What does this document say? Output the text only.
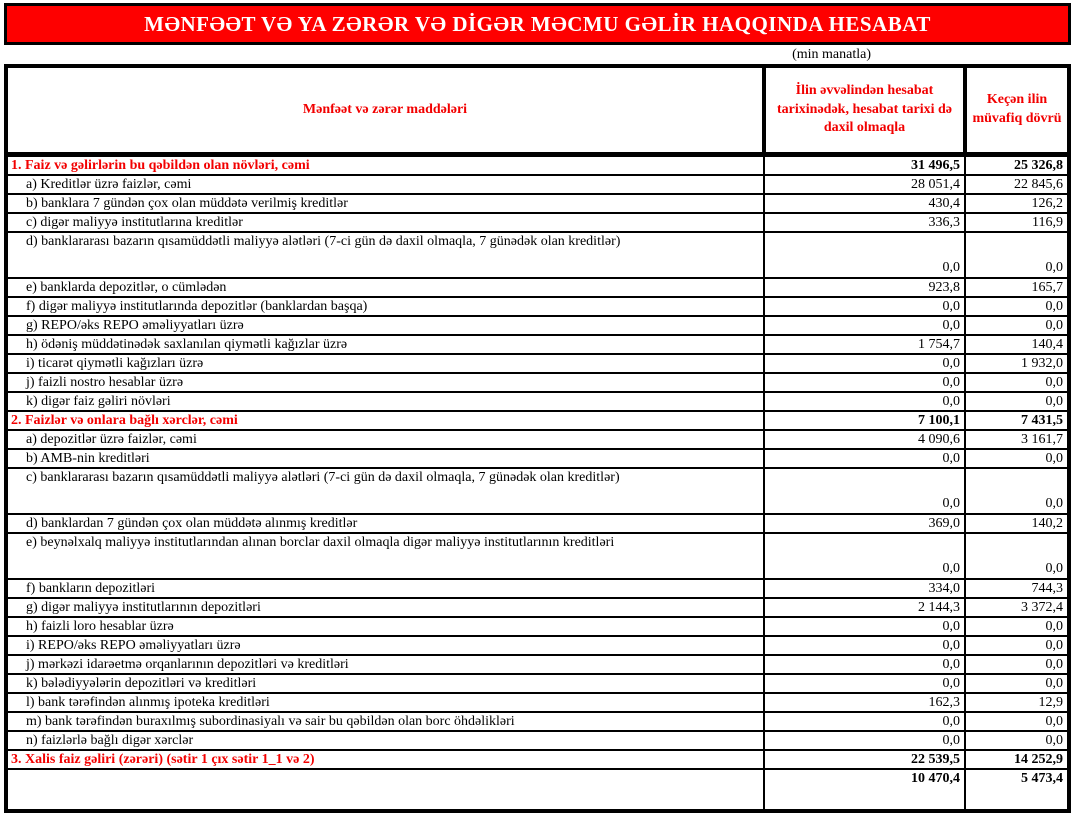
MƏNFƏƏT VƏ YA ZƏRƏR VƏ DİGƏR MƏCMU GƏLİR HAQQINDA HESABAT
(min manatla)
Mənfəət və zərər maddələri	İlin əvvəlindən hesabat tarixinədək, hesabat tarixi də daxil olmaqla	Keçən ilin müvafiq dövrü
1. Faiz və gəlirlərin bu qəbildən olan növləri, cəmi	31 496,5	25 326,8
a) Kreditlər üzrə faizlər, cəmi	28 051,4	22 845,6
b) banklara 7 gündən çox olan müddətə verilmiş kreditlər	430,4	126,2
c) digər maliyyə institutlarına kreditlər	336,3	116,9
d) banklararası bazarın qısamüddətli maliyyə alətləri (7-ci gün də daxil olmaqla, 7 günədək olan kreditlər)	0,0	0,0
e) banklarda depozitlər, o cümlədən	923,8	165,7
f) digər maliyyə institutlarında depozitlər (banklardan başqa)	0,0	0,0
g) REPO/əks REPO əməliyyatları üzrə	0,0	0,0
h) ödəniş müddətinədək saxlanılan qiymətli kağızlar üzrə	1 754,7	140,4
i) ticarət qiymətli kağızları üzrə	0,0	1 932,0
j) faizli nostro hesablar üzrə	0,0	0,0
k) digər faiz gəliri növləri	0,0	0,0
2. Faizlər və onlara bağlı xərclər, cəmi	7 100,1	7 431,5
a) depozitlər üzrə faizlər, cəmi	4 090,6	3 161,7
b) AMB-nin kreditləri	0,0	0,0
c) banklararası bazarın qısamüddətli maliyyə alətləri (7-ci gün də daxil olmaqla, 7 günədək olan kreditlər)	0,0	0,0
d) banklardan 7 gündən çox olan müddətə alınmış kreditlər	369,0	140,2
e) beynəlxalq maliyyə institutlarından alınan borclar daxil olmaqla digər maliyyə institutlarının kreditləri	0,0	0,0
f) bankların depozitləri	334,0	744,3
g) digər maliyyə institutlarının depozitləri	2 144,3	3 372,4
h) faizli loro hesablar üzrə	0,0	0,0
i) REPO/əks REPO əməliyyatları üzrə	0,0	0,0
j) mərkəzi idarəetmə orqanlarının depozitləri və kreditləri	0,0	0,0
k) bələdiyyələrin depozitləri və kreditləri	0,0	0,0
l) bank tərəfindən alınmış ipoteka kreditləri	162,3	12,9
m) bank tərəfindən buraxılmış subordinasiyalı və sair bu qəbildən olan borc öhdəlikləri	0,0	0,0
n) faizlərlə bağlı digər xərclər	0,0	0,0
3. Xalis faiz gəliri (zərəri) (sətir 1 çıx sətir 1_1 və 2)	22 539,5	14 252,9
	10 470,4	5 473,4
